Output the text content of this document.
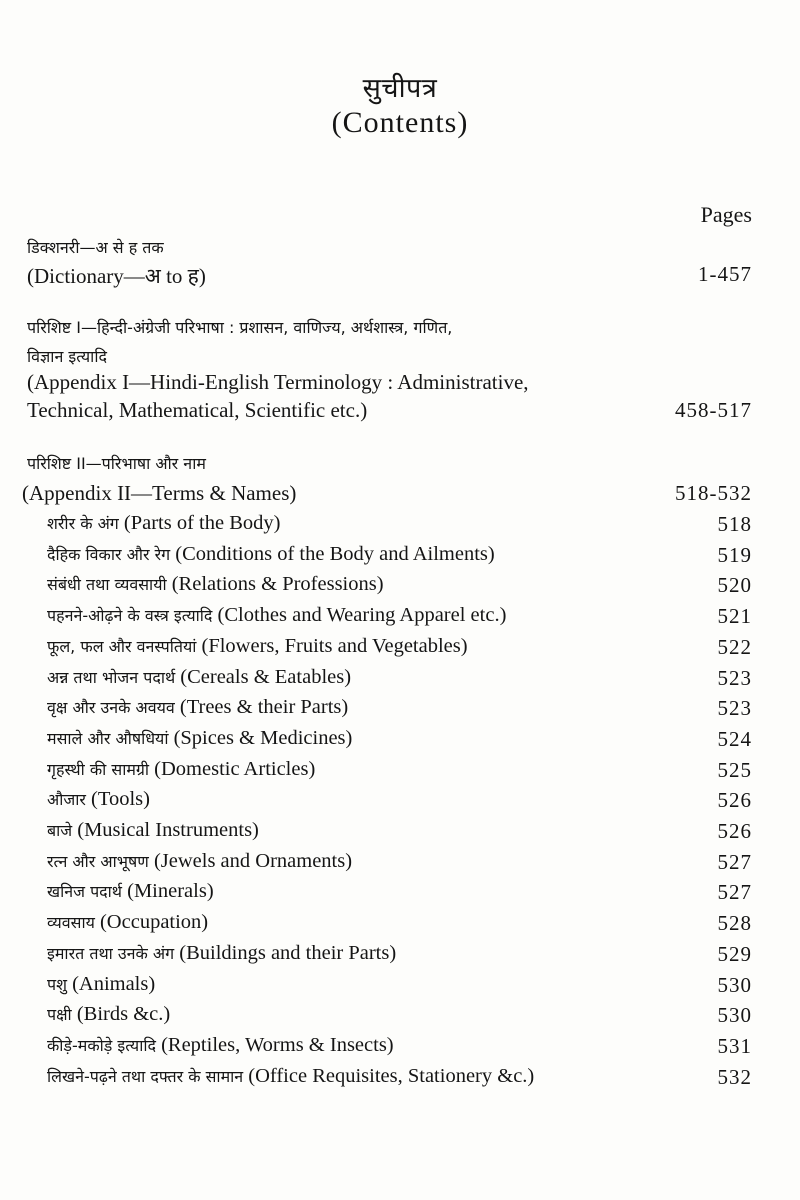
सुचीपत्र
(Contents)
Pages
डिक्शनरी—अ से ह तक
(Dictionary—अ to ह)	1-457
परिशिष्ट I—हिन्दी-अंग्रेजी परिभाषा : प्रशासन, वाणिज्य, अर्थशास्त्र, गणित,
विज्ञान इत्यादि
(Appendix I—Hindi-English Terminology : Administrative,
Technical, Mathematical, Scientific etc.)	458-517
परिशिष्ट II—परिभाषा और नाम
(Appendix II—Terms & Names)	518-532
शरीर के अंग (Parts of the Body)	518
दैहिक विकार और रेग (Conditions of the Body and Ailments)	519
संबंधी तथा व्यवसायी (Relations & Professions)	520
पहनने-ओढ़ने के वस्त्र इत्यादि (Clothes and Wearing Apparel etc.)	521
फूल, फल और वनस्पतियां (Flowers, Fruits and Vegetables)	522
अन्न तथा भोजन पदार्थ (Cereals & Eatables)	523
वृक्ष और उनके अवयव (Trees & their Parts)	523
मसाले और औषधियां (Spices & Medicines)	524
गृहस्थी की सामग्री (Domestic Articles)	525
औजार (Tools)	526
बाजे (Musical Instruments)	526
रत्न और आभूषण (Jewels and Ornaments)	527
खनिज पदार्थ (Minerals)	527
व्यवसाय (Occupation)	528
इमारत तथा उनके अंग (Buildings and their Parts)	529
पशु (Animals)	530
पक्षी (Birds &c.)	530
कीड़े-मकोड़े इत्यादि (Reptiles, Worms & Insects)	531
लिखने-पढ़ने तथा दफ्तर के सामान (Office Requisites, Stationery &c.)	532
